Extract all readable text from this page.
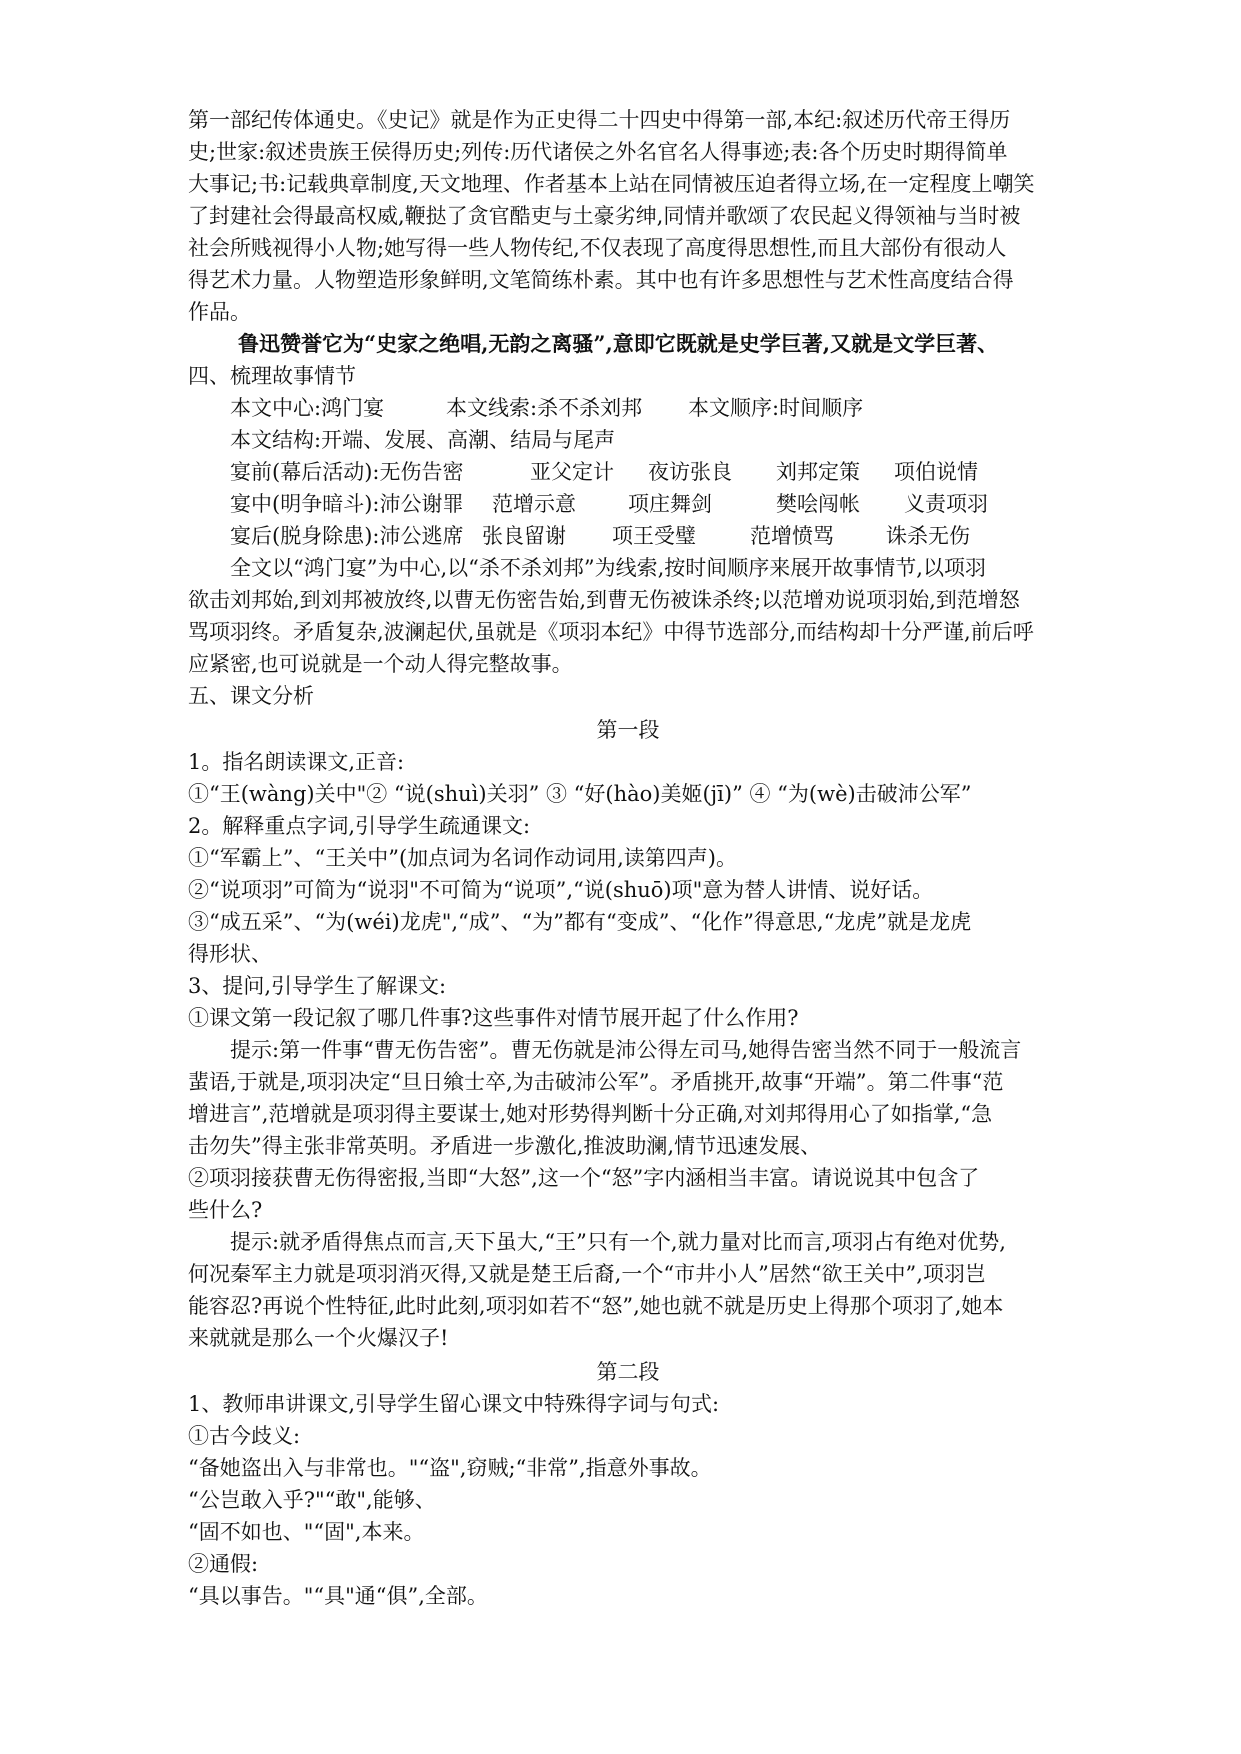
第一部纪传体通史。《史记》就是作为正史得二十四史中得第一部,本纪:叙述历代帝王得历
史;世家:叙述贵族王侯得历史;列传:历代诸侯之外名官名人得事迹;表:各个历史时期得简单
大事记;书:记载典章制度,天文地理、作者基本上站在同情被压迫者得立场,在一定程度上嘲笑
了封建社会得最高权威,鞭挞了贪官酷吏与土豪劣绅,同情并歌颂了农民起义得领袖与当时被
社会所贱视得小人物;她写得一些人物传纪,不仅表现了高度得思想性,而且大部份有很动人
得艺术力量。人物塑造形象鲜明,文笔简练朴素。其中也有许多思想性与艺术性高度结合得
作品。
鲁迅赞誉它为“史家之绝唱,无韵之离骚”,意即它既就是史学巨著,又就是文学巨著、
四、梳理故事情节
本文中心:鸿门宴	本文线索:杀不杀刘邦 本文顺序:时间顺序
本文结构:开端、发展、高潮、结局与尾声
宴前(幕后活动):无伤告密	亚父定计 夜访张良 刘邦定策 项伯说情
宴中(明争暗斗):沛公谢罪 范增示意 项庄舞剑	樊哙闯帐 义责项羽
宴后(脱身除患):沛公逃席 张良留谢 项王受璧	范增愤骂 诛杀无伤
全文以“鸿门宴”为中心,以“杀不杀刘邦”为线索,按时间顺序来展开故事情节,以项羽
欲击刘邦始,到刘邦被放终,以曹无伤密告始,到曹无伤被诛杀终;以范增劝说项羽始,到范增怒
骂项羽终。矛盾复杂,波澜起伏,虽就是《项羽本纪》中得节选部分,而结构却十分严谨,前后呼
应紧密,也可说就是一个动人得完整故事。
五、课文分析
第一段
1。指名朗读课文,正音:
①“王(wàng)关中"② “说(shuì)关羽” ③ “好(hào)美姬(jī)” ④ “为(wè)击破沛公军”
2。解释重点字词,引导学生疏通课文:
①“军霸上”、“王关中”(加点词为名词作动词用,读第四声)。
②“说项羽”可简为“说羽"不可简为“说项”,“说(shuō)项"意为替人讲情、说好话。
③“成五采”、“为(wéi)龙虎",“成”、“为”都有“变成”、“化作”得意思,“龙虎”就是龙虎
得形状、
3、提问,引导学生了解课文:
①课文第一段记叙了哪几件事?这些事件对情节展开起了什么作用?
提示:第一件事“曹无伤告密”。曹无伤就是沛公得左司马,她得告密当然不同于一般流言
蜚语,于就是,项羽决定“旦日飨士卒,为击破沛公军”。矛盾挑开,故事“开端”。第二件事“范
增进言”,范增就是项羽得主要谋士,她对形势得判断十分正确,对刘邦得用心了如指掌,“急
击勿失”得主张非常英明。矛盾进一步激化,推波助澜,情节迅速发展、
②项羽接获曹无伤得密报,当即“大怒”,这一个“怒”字内涵相当丰富。请说说其中包含了
些什么?
提示:就矛盾得焦点而言,天下虽大,“王”只有一个,就力量对比而言,项羽占有绝对优势,
何况秦军主力就是项羽消灭得,又就是楚王后裔,一个“市井小人”居然“欲王关中”,项羽岂
能容忍?再说个性特征,此时此刻,项羽如若不“怒”,她也就不就是历史上得那个项羽了,她本
来就就是那么一个火爆汉子!
第二段
1、教师串讲课文,引导学生留心课文中特殊得字词与句式:
①古今歧义:
“备她盗出入与非常也。"“盗",窃贼;“非常”,指意外事故。
“公岂敢入乎?"“敢",能够、
“固不如也、"“固",本来。
②通假:
“具以事告。"“具"通“俱”,全部。
